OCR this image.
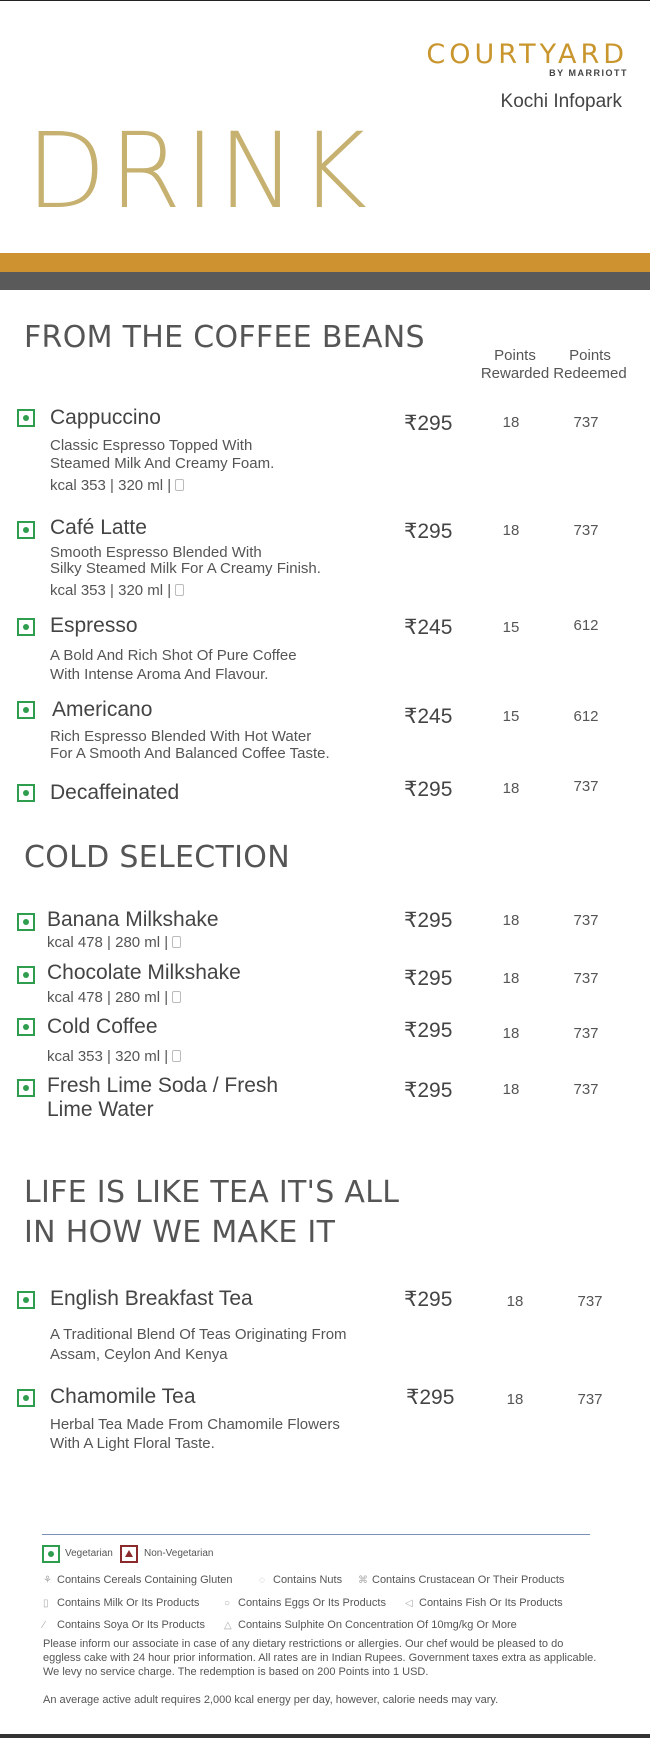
COURTYARD
BY MARRIOTT
Kochi Infopark
DRINK
FROM THE COFFEE BEANS
Points
Rewarded
Points
Redeemed
Cappuccino
Classic Espresso Topped With
Steamed Milk And Creamy Foam.
kcal 353 | 320 ml |
₹295	18	737
Café Latte
Smooth Espresso Blended With
Silky Steamed Milk For A Creamy Finish.
kcal 353 | 320 ml |
₹295	18	737
Espresso
A Bold And Rich Shot Of Pure Coffee
With Intense Aroma And Flavour.
₹245	15	612
Americano
Rich Espresso Blended With Hot Water
For A Smooth And Balanced Coffee Taste.
₹245	15	612
Decaffeinated	₹295	18	737
COLD SELECTION
Banana Milkshake
kcal 478 | 280 ml |
₹295	18	737
Chocolate Milkshake
kcal 478 | 280 ml |
₹295	18	737
Cold Coffee
kcal 353 | 320 ml |
₹295	18	737
Fresh Lime Soda / Fresh
Lime Water
₹295	18	737
LIFE IS LIKE TEA IT'S ALL
IN HOW WE MAKE IT
English Breakfast Tea
A Traditional Blend Of Teas Originating From
Assam, Ceylon And Kenya
₹295	18	737
Chamomile Tea
Herbal Tea Made From Chamomile Flowers
With A Light Floral Taste.
₹295	18	737
Vegetarian	Non-Vegetarian
⚘ Contains Cereals Containing Gluten	◌ Contains Nuts ⌘ Contains Crustacean Or Their Products
▯ Contains Milk Or Its Products ○ Contains Eggs Or Its Products ◁ Contains Fish Or Its Products
⁄ Contains Soya Or Its Products △ Contains Sulphite On Concentration Of 10mg/kg Or More
Please inform our associate in case of any dietary restrictions or allergies. Our chef would be pleased to do eggless cake with 24 hour prior information. All rates are in Indian Rupees. Government taxes extra as applicable. We levy no service charge. The redemption is based on 200 Points into 1 USD.
An average active adult requires 2,000 kcal energy per day, however, calorie needs may vary.
